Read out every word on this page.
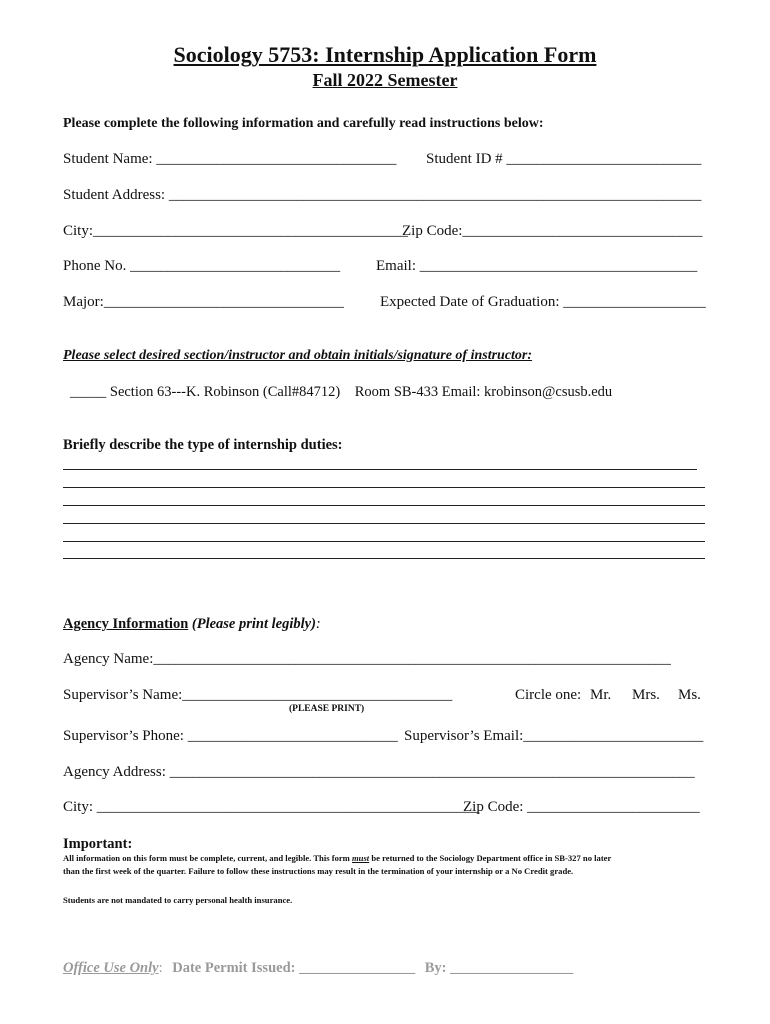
Sociology 5753: Internship Application Form
Fall 2022 Semester
Please complete the following information and carefully read instructions below:
Student Name: ________________________________ Student ID # __________________________
Student Address: _______________________________________________________________________
City:__________________________________________
Zip Code:________________________________
Phone No. ____________________________ Email: _____________________________________
Major:________________________________ Expected Date of Graduation: ___________________
Please select desired section/instructor and obtain initials/signature of instructor:
_____ Section 63---K. Robinson (Call#84712)    Room SB-433 Email: krobinson@csusb.edu
Briefly describe the type of internship duties:
Agency Information (Please print legibly):
Agency Name:_____________________________________________________________________
Supervisor’s Name:____________________________________
(PLEASE PRINT)
Circle one: Mr. Mrs. Ms.
Supervisor’s Phone: ____________________________ Supervisor’s Email:________________________
Agency Address: ______________________________________________________________________
City: ___________________________________________________
Zip Code: _______________________
Important:
All information on this form must be complete, current, and legible. This form must be returned to the Sociology Department office in SB-327 no later
than the first week of the quarter. Failure to follow these instructions may result in the termination of your internship or a No Credit grade.
Students are not mandated to carry personal health insurance.
Office Use Only: Date Permit Issued: ________________ By: _________________
